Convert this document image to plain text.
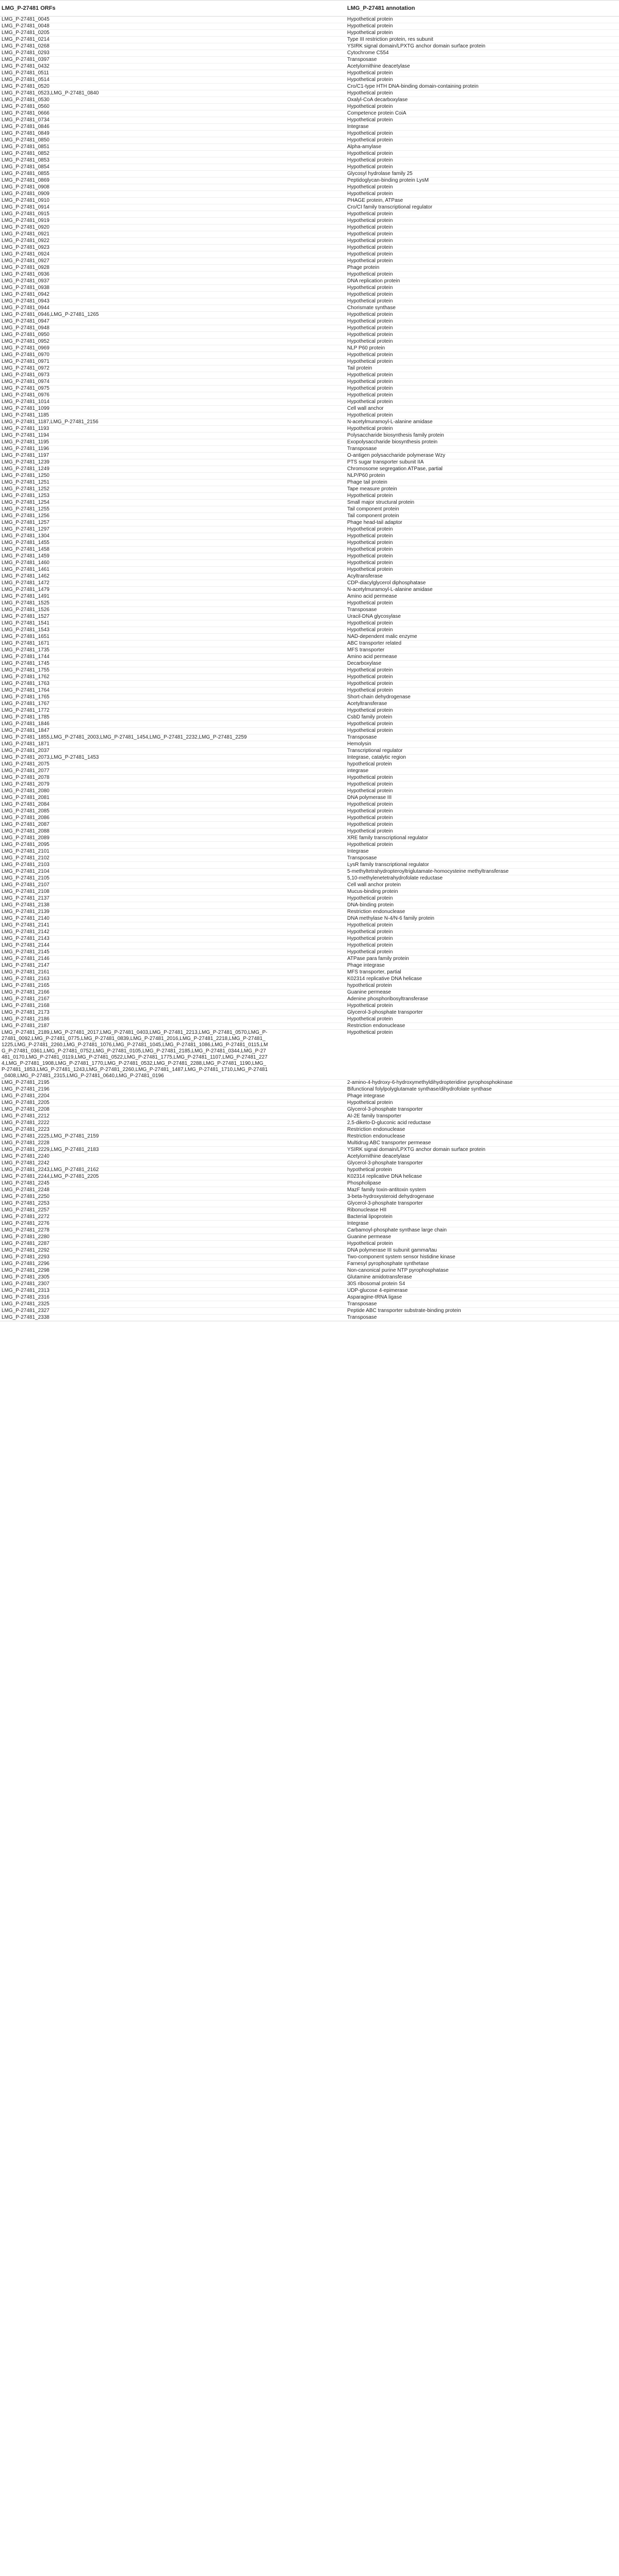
LMG_P-27481 ORFs	LMG_P-27481 annotation
LMG_P-27481_0045	Hypothetical protein
LMG_P-27481_0048	Hypothetical protein
LMG_P-27481_0205	Hypothetical protein
LMG_P-27481_0214	Type III restriction protein, res subunit
LMG_P-27481_0268	YSIRK signal domain/LPXTG anchor domain surface protein
LMG_P-27481_0293	Cytochrome C554
LMG_P-27481_0397	Transposase
LMG_P-27481_0432	Acetylornithine deacetylase
LMG_P-27481_0511	Hypothetical protein
LMG_P-27481_0514	Hypothetical protein
LMG_P-27481_0520	Cro/C1-type HTH DNA-binding domain-containing protein
LMG_P-27481_0523,LMG_P-27481_0840	Hypothetical protein
LMG_P-27481_0530	Oxalyl-CoA decarboxylase
LMG_P-27481_0560	Hypothetical protein
LMG_P-27481_0666	Competence protein CoiA
LMG_P-27481_0734	Hypothetical protein
LMG_P-27481_0846	Integrase
LMG_P-27481_0849	Hypothetical protein
LMG_P-27481_0850	Hypothetical protein
LMG_P-27481_0851	Alpha-amylase
LMG_P-27481_0852	Hypothetical protein
LMG_P-27481_0853	Hypothetical protein
LMG_P-27481_0854	Hypothetical protein
LMG_P-27481_0855	Glycosyl hydrolase family 25
LMG_P-27481_0869	Peptidoglycan-binding protein LysM
LMG_P-27481_0908	Hypothetical protein
LMG_P-27481_0909	Hypothetical protein
LMG_P-27481_0910	PHAGE protein, ATPase
LMG_P-27481_0914	Cro/CI family transcriptional regulator
LMG_P-27481_0915	Hypothetical protein
LMG_P-27481_0919	Hypothetical protein
LMG_P-27481_0920	Hypothetical protein
LMG_P-27481_0921	Hypothetical protein
LMG_P-27481_0922	Hypothetical protein
LMG_P-27481_0923	Hypothetical protein
LMG_P-27481_0924	Hypothetical protein
LMG_P-27481_0927	Hypothetical protein
LMG_P-27481_0928	Phage protein
LMG_P-27481_0936	Hypothetical protein
LMG_P-27481_0937	DNA replication protein
LMG_P-27481_0938	Hypothetical protein
LMG_P-27481_0942	Hypothetical protein
LMG_P-27481_0943	Hypothetical protein
LMG_P-27481_0944	Chorismate synthase
LMG_P-27481_0946,LMG_P-27481_1265	Hypothetical protein
LMG_P-27481_0947	Hypothetical protein
LMG_P-27481_0948	Hypothetical protein
LMG_P-27481_0950	Hypothetical protein
LMG_P-27481_0952	Hypothetical protein
LMG_P-27481_0969	NLP P60 protein
LMG_P-27481_0970	Hypothetical protein
LMG_P-27481_0971	Hypothetical protein
LMG_P-27481_0972	Tail protein
LMG_P-27481_0973	Hypothetical protein
LMG_P-27481_0974	Hypothetical protein
LMG_P-27481_0975	Hypothetical protein
LMG_P-27481_0976	Hypothetical protein
LMG_P-27481_1014	Hypothetical protein
LMG_P-27481_1099	Cell wall anchor
LMG_P-27481_1185	Hypothetical protein
LMG_P-27481_1187,LMG_P-27481_2156	N-acetylmuramoyl-L-alanine amidase
LMG_P-27481_1193	Hypothetical protein
LMG_P-27481_1194	Polysaccharide biosynthesis family protein
LMG_P-27481_1195	Exopolysaccharide biosynthesis protein
LMG_P-27481_1196	Transposase
LMG_P-27481_1197	O-antigen polysaccharide polymerase Wzy
LMG_P-27481_1239	PTS sugar transporter subunit IIA
LMG_P-27481_1249	Chromosome segregation ATPase, partial
LMG_P-27481_1250	NLP/P60 protein
LMG_P-27481_1251	Phage tail protein
LMG_P-27481_1252	Tape measure protein
LMG_P-27481_1253	Hypothetical protein
LMG_P-27481_1254	Small major structural protein
LMG_P-27481_1255	Tail component protein
LMG_P-27481_1256	Tail component protein
LMG_P-27481_1257	Phage head-tail adaptor
LMG_P-27481_1297	Hypothetical protein
LMG_P-27481_1304	Hypothetical protein
LMG_P-27481_1455	Hypothetical protein
LMG_P-27481_1458	Hypothetical protein
LMG_P-27481_1459	Hypothetical protein
LMG_P-27481_1460	Hypothetical protein
LMG_P-27481_1461	Hypothetical protein
LMG_P-27481_1462	Acyltransferase
LMG_P-27481_1472	CDP-diacylglycerol diphosphatase
LMG_P-27481_1479	N-acetylmuramoyl-L-alanine amidase
LMG_P-27481_1491	Amino acid permease
LMG_P-27481_1525	Hypothetical protein
LMG_P-27481_1526	Transposase
LMG_P-27481_1527	Uracil-DNA glycosylase
LMG_P-27481_1541	Hypothetical protein
LMG_P-27481_1543	Hypothetical protein
LMG_P-27481_1651	NAD-dependent malic enzyme
LMG_P-27481_1671	ABC transporter related
LMG_P-27481_1735	MFS transporter
LMG_P-27481_1744	Amino acid permease
LMG_P-27481_1745	Decarboxylase
LMG_P-27481_1755	Hypothetical protein
LMG_P-27481_1762	Hypothetical protein
LMG_P-27481_1763	Hypothetical protein
LMG_P-27481_1764	Hypothetical protein
LMG_P-27481_1765	Short-chain dehydrogenase
LMG_P-27481_1767	Acetyltransferase
LMG_P-27481_1772	Hypothetical protein
LMG_P-27481_1785	CsbD family protein
LMG_P-27481_1846	Hypothetical protein
LMG_P-27481_1847	Hypothetical protein
LMG_P-27481_1855,LMG_P-27481_2003,LMG_P-27481_1454,LMG_P-27481_2232,LMG_P-27481_2259	Transposase
LMG_P-27481_1871	Hemolysin
LMG_P-27481_2037	Transcriptional regulator
LMG_P-27481_2073,LMG_P-27481_1453	Integrase, catalytic region
LMG_P-27481_2075	hypothetical protein
LMG_P-27481_2077	integrase
LMG_P-27481_2078	Hypothetical protein
LMG_P-27481_2079	Hypothetical protein
LMG_P-27481_2080	Hypothetical protein
LMG_P-27481_2081	DNA polymerase III
LMG_P-27481_2084	Hypothetical protein
LMG_P-27481_2085	Hypothetical protein
LMG_P-27481_2086	Hypothetical protein
LMG_P-27481_2087	Hypothetical protein
LMG_P-27481_2088	Hypothetical protein
LMG_P-27481_2089	XRE family transcriptional regulator
LMG_P-27481_2095	Hypothetical protein
LMG_P-27481_2101	Integrase
LMG_P-27481_2102	Transposase
LMG_P-27481_2103	LysR family transcriptional regulator
LMG_P-27481_2104	5-methyltetrahydropteroyltriglutamate-homocysteine methyltransferase
LMG_P-27481_2105	5,10-methylenetetrahydrofolate reductase
LMG_P-27481_2107	Cell wall anchor protein
LMG_P-27481_2108	Mucus-binding protein
LMG_P-27481_2137	Hypothetical protein
LMG_P-27481_2138	DNA-binding protein
LMG_P-27481_2139	Restriction endonuclease
LMG_P-27481_2140	DNA methylase N-4/N-6 family protein
LMG_P-27481_2141	Hypothetical protein
LMG_P-27481_2142	Hypothetical protein
LMG_P-27481_2143	Hypothetical protein
LMG_P-27481_2144	Hypothetical protein
LMG_P-27481_2145	Hypothetical protein
LMG_P-27481_2146	ATPase para family protein
LMG_P-27481_2147	Phage integrase
LMG_P-27481_2161	MFS transporter, partial
LMG_P-27481_2163	K02314 replicative DNA helicase
LMG_P-27481_2165	hypothetical protein
LMG_P-27481_2166	Guanine permease
LMG_P-27481_2167	Adenine phosphoribosyltransferase
LMG_P-27481_2168	Hypothetical protein
LMG_P-27481_2173	Glycerol-3-phosphate transporter
LMG_P-27481_2186	Hypothetical protein
LMG_P-27481_2187	Restriction endonuclease
LMG_P-27481_2189,LMG_P-27481_2017,LMG_P-27481_0403,LMG_P-27481_2213,LMG_P-27481_0570,LMG_P-27481_0092,LMG_P-27481_0775,LMG_P-27481_0839,LMG_P-27481_2016,LMG_P-27481_2218,LMG_P-27481_1225,LMG_P-27481_2260,LMG_P-27481_1076,LMG_P-27481_1045,LMG_P-27481_1086,LMG_P-27481_0115,LMG_P-27481_0361,LMG_P-27481_0752,LMG_P-27481_0105,LMG_P-27481_2185,LMG_P-27481_0344,LMG_P-27481_0170,LMG_P-27481_0119,LMG_P-27481_0522,LMG_P-27481_1775,LMG_P-27481_1107,LMG_P-27481_2274,LMG_P-27481_1908,LMG_P-27481_1770,LMG_P-27481_0532,LMG_P-27481_2288,LMG_P-27481_1190,LMG_P-27481_1853,LMG_P-27481_1243,LMG_P-27481_2260,LMG_P-27481_1487,LMG_P-27481_1710,LMG_P-27481_0408,LMG_P-27481_2315,LMG_P-27481_0640,LMG_P-27481_0196	Hypothetical protein
LMG_P-27481_2195	2-amino-4-hydroxy-6-hydroxymethyldihydropteridine pyrophosphokinase
LMG_P-27481_2196	Bifunctional folylpolyglutamate synthase/dihydrofolate synthase
LMG_P-27481_2204	Phage integrase
LMG_P-27481_2205	Hypothetical protein
LMG_P-27481_2208	Glycerol-3-phosphate transporter
LMG_P-27481_2212	AI-2E family transporter
LMG_P-27481_2222	2,5-diketo-D-gluconic acid reductase
LMG_P-27481_2223	Restriction endonuclease
LMG_P-27481_2225,LMG_P-27481_2159	Restriction endonuclease
LMG_P-27481_2228	Multidrug ABC transporter permease
LMG_P-27481_2229,LMG_P-27481_2183	YSIRK signal domain/LPXTG anchor domain surface protein
LMG_P-27481_2240	Acetylornithine deacetylase
LMG_P-27481_2242	Glycerol-3-phosphate transporter
LMG_P-27481_2243,LMG_P-27481_2162	hypothetical protein
LMG_P-27481_2244,LMG_P-27481_2205	K02314 replicative DNA helicase
LMG_P-27481_2245	Phospholipase
LMG_P-27481_2248	MazF family toxin-antitoxin system
LMG_P-27481_2250	3-beta-hydroxysteroid dehydrogenase
LMG_P-27481_2253	Glycerol-3-phosphate transporter
LMG_P-27481_2257	Ribonuclease HII
LMG_P-27481_2272	Bacterial lipoprotein
LMG_P-27481_2276	Integrase
LMG_P-27481_2278	Carbamoyl-phosphate synthase large chain
LMG_P-27481_2280	Guanine permease
LMG_P-27481_2287	Hypothetical protein
LMG_P-27481_2292	DNA polymerase III subunit gamma/tau
LMG_P-27481_2293	Two-component system sensor histidine kinase
LMG_P-27481_2296	Farnesyl pyrophosphate synthetase
LMG_P-27481_2298	Non-canonical purine NTP pyrophosphatase
LMG_P-27481_2305	Glutamine amidotransferase
LMG_P-27481_2307	30S ribosomal protein S4
LMG_P-27481_2313	UDP-glucose 4-epimerase
LMG_P-27481_2316	Asparagine-tRNA ligase
LMG_P-27481_2325	Transposase
LMG_P-27481_2327	Peptide ABC transporter substrate-binding protein
LMG_P-27481_2338	Transposase
